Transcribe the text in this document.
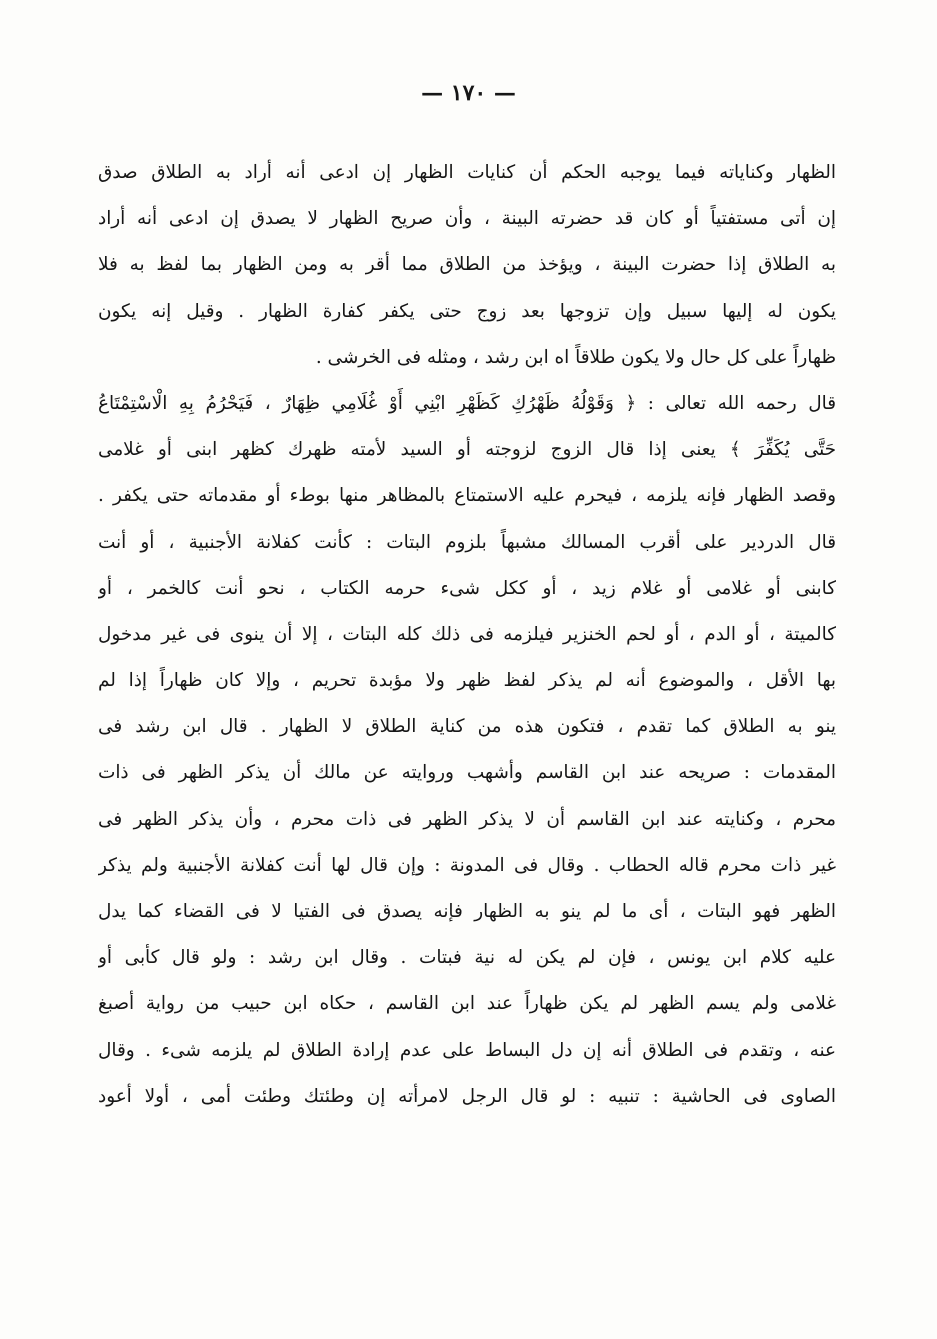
— ١٧٠ —
الظهار وكناياته فيما يوجبه الحكم أن كنايات الظهار إن ادعى أنه أراد به الطلاق صدق
إن أتى مستفتياً أو كان قد حضرته البينة ، وأن صريح الظهار لا يصدق إن ادعى أنه أراد
به الطلاق إذا حضرت البينة ، ويؤخذ من الطلاق مما أقر به ومن الظهار بما لفظ به فلا
يكون له إليها سبيل وإن تزوجها بعد زوج حتى يكفر كفارة الظهار . وقيل إنه يكون
ظهاراً على كل حال ولا يكون طلاقاً اه ابن رشد ، ومثله فى الخرشى .
قال رحمه الله تعالى : ﴿ وَقَوْلُهُ ظَهْرُكِ كَظَهْرِ ابْنِي أَوْ غُلَامِي ظِهَارٌ ، فَيَحْرُمُ بِهِ الْاسْتِمْتَاعُ
حَتَّى يُكَفِّرَ ﴾ يعنى إذا قال الزوج لزوجته أو السيد لأمته ظهرك كظهر ابنى أو غلامى
وقصد الظهار فإنه يلزمه ، فيحرم عليه الاستمتاع بالمظاهر منها بوطء أو مقدماته حتى يكفر .
قال الدردير على أقرب المسالك مشبهاً بلزوم البتات : كأنت كفلانة الأجنبية ، أو أنت
كابنى أو غلامى أو غلام زيد ، أو ككل شىء حرمه الكتاب ، نحو أنت كالخمر ، أو
كالميتة ، أو الدم ، أو لحم الخنزير فيلزمه فى ذلك كله البتات ، إلا أن ينوى فى غير مدخول
بها الأقل ، والموضوع أنه لم يذكر لفظ ظهر ولا مؤبدة تحريم ، وإلا كان ظهاراً إذا لم
ينو به الطلاق كما تقدم ، فتكون هذه من كناية الطلاق لا الظهار . قال ابن رشد فى
المقدمات : صريحه عند ابن القاسم وأشهب وروايته عن مالك أن يذكر الظهر فى ذات
محرم ، وكنايته عند ابن القاسم أن لا يذكر الظهر فى ذات محرم ، وأن يذكر الظهر فى
غير ذات محرم قاله الحطاب . وقال فى المدونة : وإن قال لها أنت كفلانة الأجنبية ولم يذكر
الظهر فهو البتات ، أى ما لم ينو به الظهار فإنه يصدق فى الفتيا لا فى القضاء كما يدل
عليه كلام ابن يونس ، فإن لم يكن له نية فبتات . وقال ابن رشد : ولو قال كأبى أو
غلامى ولم يسم الظهر لم يكن ظهاراً عند ابن القاسم ، حكاه ابن حبيب من رواية أصبغ
عنه ، وتقدم فى الطلاق أنه إن دل البساط على عدم إرادة الطلاق لم يلزمه شىء . وقال
الصاوى فى الحاشية : تنبيه : لو قال الرجل لامرأته إن وطئتك وطئت أمى ، أولا أعود
